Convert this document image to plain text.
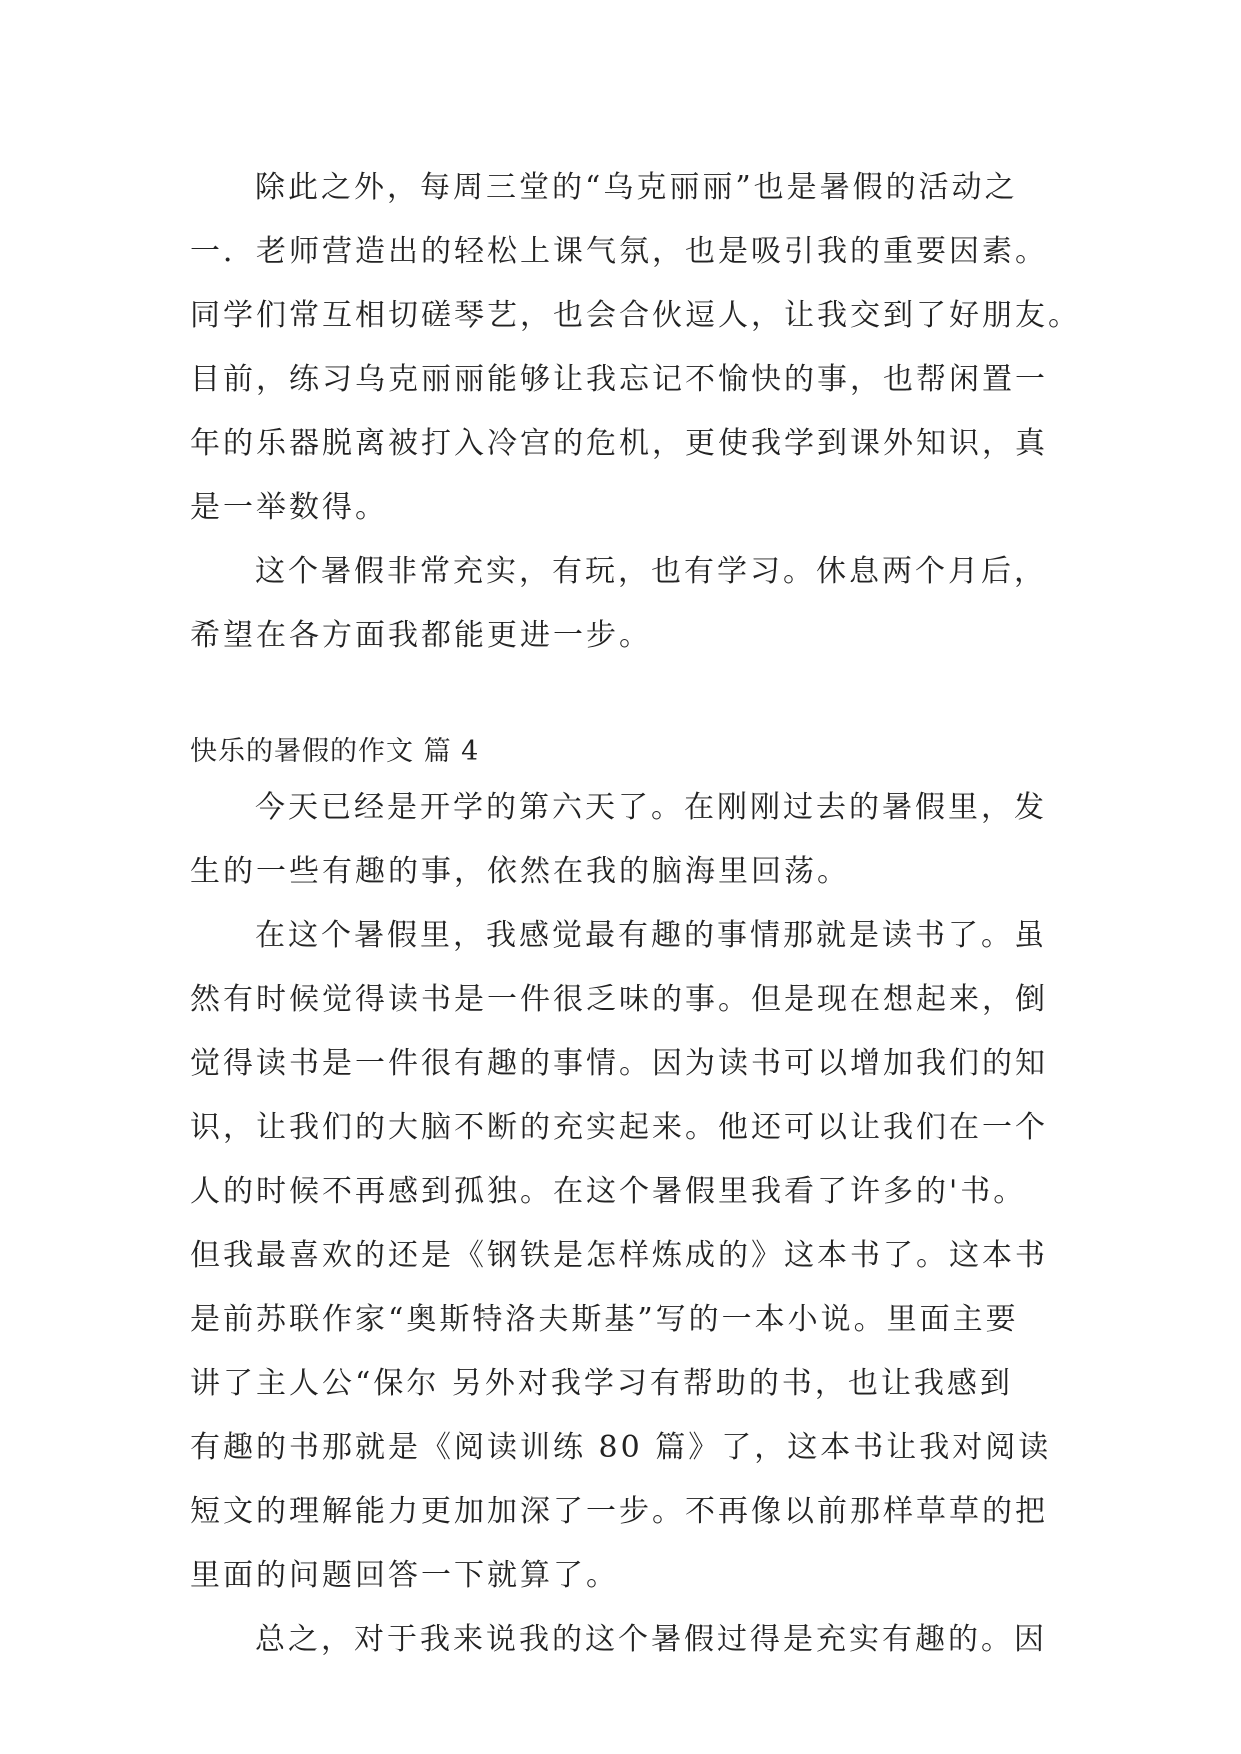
除此之外，每周三堂的“乌克丽丽”也是暑假的活动之
一．老师营造出的轻松上课气氛，也是吸引我的重要因素。
同学们常互相切磋琴艺，也会合伙逗人，让我交到了好朋友。
目前，练习乌克丽丽能够让我忘记不愉快的事，也帮闲置一
年的乐器脱离被打入冷宫的危机，更使我学到课外知识，真
是一举数得。
这个暑假非常充实，有玩，也有学习。休息两个月后，
希望在各方面我都能更进一步。
快乐的暑假的作文 篇 4
今天已经是开学的第六天了。在刚刚过去的暑假里，发
生的一些有趣的事，依然在我的脑海里回荡。
在这个暑假里，我感觉最有趣的事情那就是读书了。虽
然有时候觉得读书是一件很乏味的事。但是现在想起来，倒
觉得读书是一件很有趣的事情。因为读书可以增加我们的知
识，让我们的大脑不断的充实起来。他还可以让我们在一个
人的时候不再感到孤独。在这个暑假里我看了许多的'书。
但我最喜欢的还是《钢铁是怎样炼成的》这本书了。这本书
是前苏联作家“奥斯特洛夫斯基”写的一本小说。里面主要
讲了主人公“保尔 另外对我学习有帮助的书，也让我感到
有趣的书那就是《阅读训练 80 篇》了，这本书让我对阅读
短文的理解能力更加加深了一步。不再像以前那样草草的把
里面的问题回答一下就算了。
总之，对于我来说我的这个暑假过得是充实有趣的。因
